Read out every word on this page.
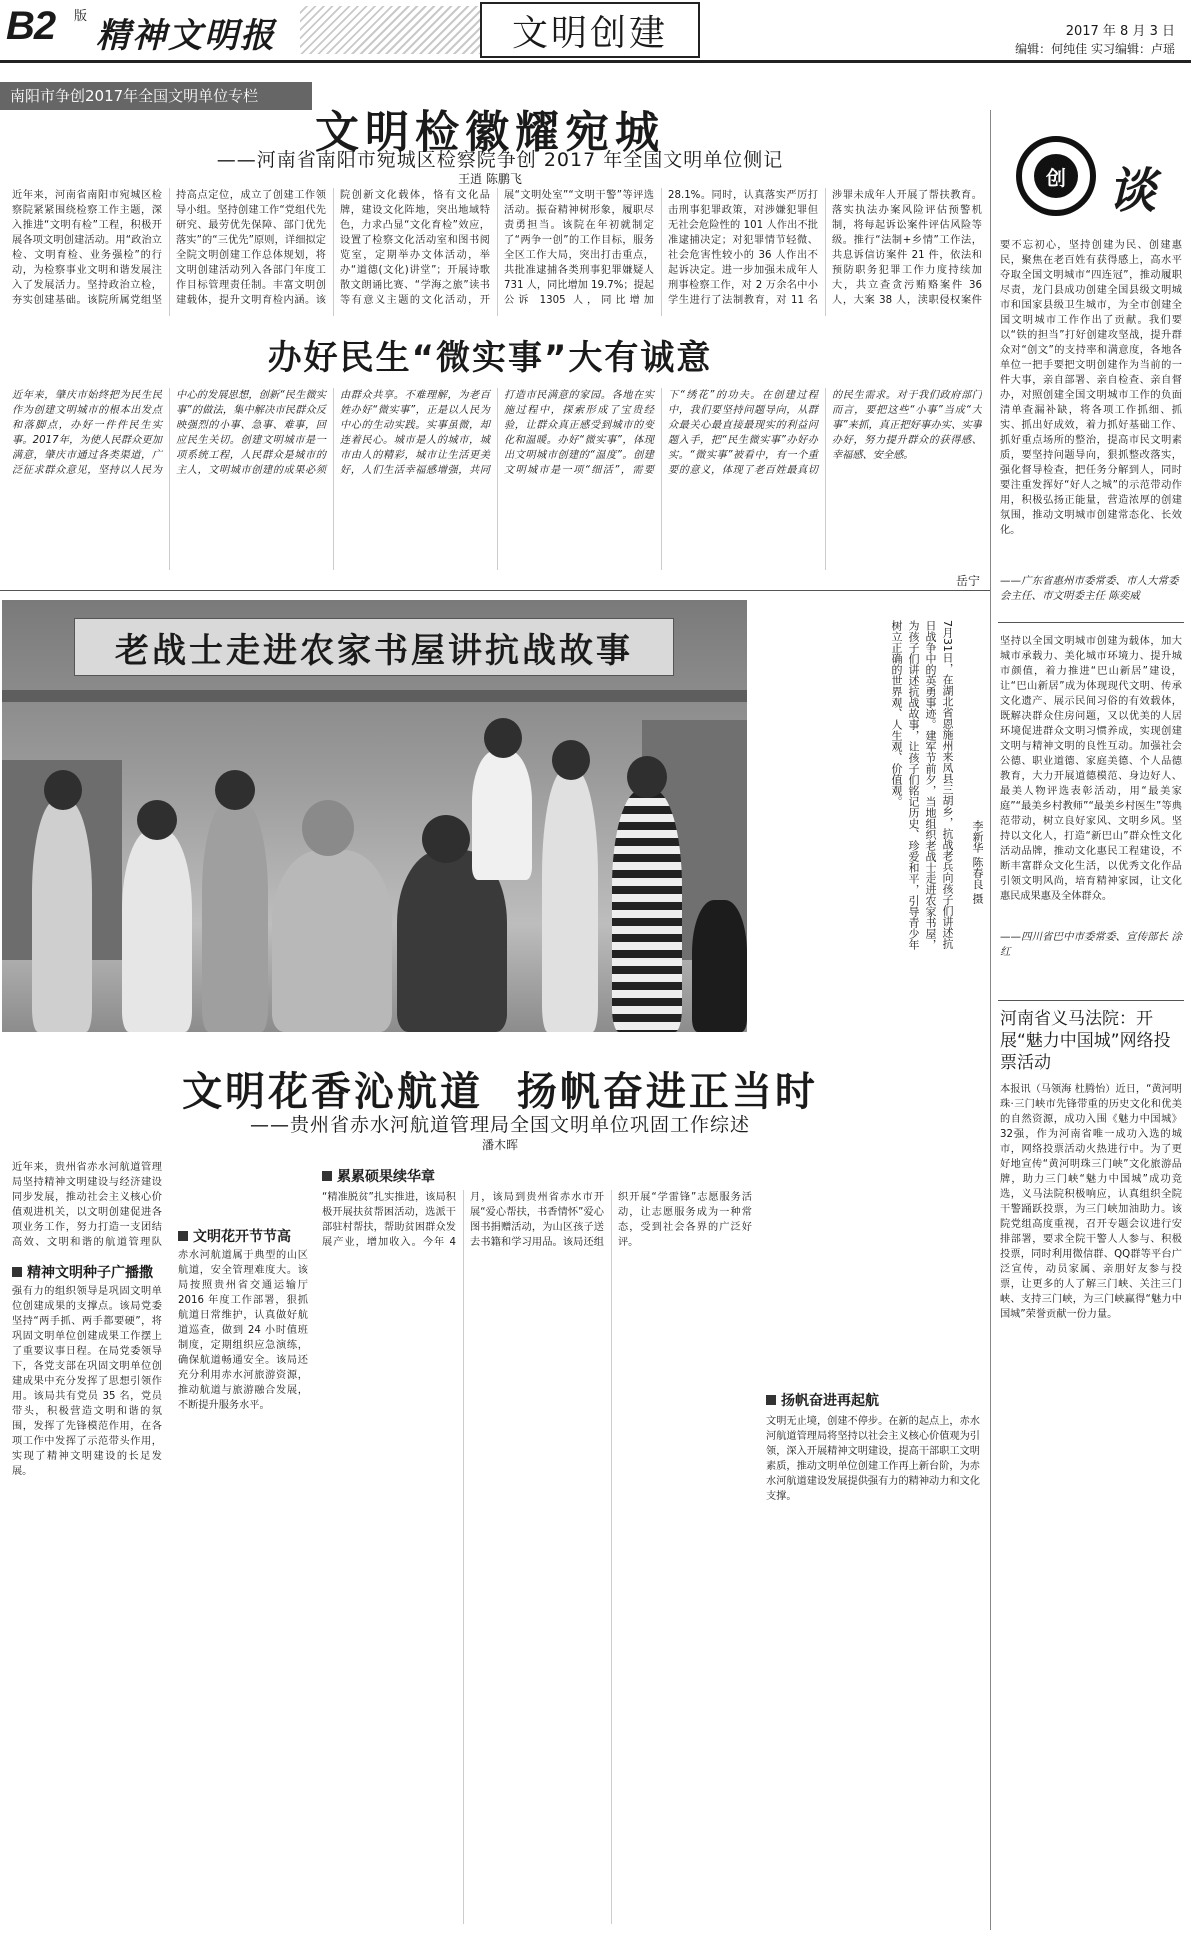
B2 版 精神文明报	文明创建	2017 年 8 月 3 日
编辑：何纯佳 实习编辑：卢瑶
南阳市争创2017年全国文明单位专栏
文明检徽耀宛城
——河南省南阳市宛城区检察院争创 2017 年全国文明单位侧记
王逍 陈鹏飞
近年来，河南省南阳市宛城区检察院紧紧围绕检察工作主题，深入推进“文明有检”工程，积极开展各项文明创建活动。用“政治立检、文明育检、业务强检”的行动，为检察事业文明和谐发展注入了发展活力。坚持政治立检，夯实创建基础。该院所属党组坚持高点定位，成立了创建工作领导小组。坚持创建工作“党组代先研究、最劳优先保障、部门优先落实”的“三优先”原则，详细拟定全院文明创建工作总体规划，将文明创建活动列入各部门年度工作目标管理责任制。丰富文明创建载体，提升文明育检内涵。该院创新文化载体，恪有文化品牌，建设文化阵地，突出地域特色，力求凸显“文化育检”效应，设置了检察文化活动室和图书阅览室，定期举办文体活动，举办“道德(文化)讲堂”；开展诗歌散文朗诵比赛、“学海之旅”读书等有意义主题的文化活动，开展“文明处室”“文明干警”等评选活动。振奋精神树形象，履职尽责勇担当。该院在年初就制定了“两争一创”的工作目标，服务全区工作大局，突出打击重点，共批准逮捕各类刑事犯罪嫌疑人 731 人，同比增加 19.7%；提起公诉 1305 人，同比增加 28.1%。同时，认真落实严厉打击刑事犯罪政策，对涉嫌犯罪但无社会危险性的 101 人作出不批准逮捕决定；对犯罪情节轻微、社会危害性较小的 36 人作出不起诉决定。进一步加强未成年人刑事检察工作，对 2 万余名中小学生进行了法制教育，对 11 名涉罪未成年人开展了帮扶教育。落实执法办案风险评估预警机制，将每起诉讼案件评估风险等级。推行“法制+乡情”工作法，共息诉信访案件 21 件，依法和预防职务犯罪工作力度持续加大，共立查贪污贿赂案件 36 人，大案 38 人，渎职侵权案件
办好民生“微实事”大有诚意
近年来，肇庆市始终把为民生民作为创建文明城市的根本出发点和落脚点，办好一件件民生实事。2017年，为使人民群众更加满意，肇庆市通过各类渠道，广泛征求群众意见，坚持以人民为中心的发展思想，创新“民生微实事”的做法，集中解决市民群众反映强烈的小事、急事、难事，回应民生关切。创建文明城市是一项系统工程，人民群众是城市的主人，文明城市创建的成果必须由群众共享。不难理解，为老百姓办好“微实事”，正是以人民为中心的生动实践。实事虽微，却连着民心。城市是人的城市，城市由人的精彩，城市让生活更美好，人们生活幸福感增强，共同打造市民满意的家园。各地在实施过程中，探索形成了宝贵经验，让群众真正感受到城市的变化和温暖。办好“微实事”，体现出文明城市创建的“温度”。创建文明城市是一项“细活”，需要下“绣花”的功夫。在创建过程中，我们要坚持问题导向，从群众最关心最直接最现实的利益问题入手，把“民生微实事”办好办实。“微实事”被看中，有一个重要的意义，体现了老百姓最真切的民生需求。对于我们政府部门而言，要把这些“小事”当成“大事”来抓，真正把好事办实、实事办好，努力提升群众的获得感、幸福感、安全感。
岳宁
老战士走进农家书屋讲抗战故事	7月31日，在湖北省恩施州来凤县三胡乡，抗战老兵向孩子们讲述抗日战争中的英勇事迹。建军节前夕，当地组织老战士走进农家书屋，为孩子们讲述抗战故事，让孩子们铭记历史、珍爱和平，引导青少年树立正确的世界观、人生观、价值观。
李新华 陈春良 摄
文明花香沁航道  扬帆奋进正当时
——贵州省赤水河航道管理局全国文明单位巩固工作综述
潘木晖
近年来，贵州省赤水河航道管理局坚持精神文明建设与经济建设同步发展，推动社会主义核心价值观进机关，以文明创建促进各项业务工作，努力打造一支团结高效、文明和谐的航道管理队
精神文明种子广播撒
强有力的组织领导是巩固文明单位创建成果的支撑点。该局党委坚持“两手抓、两手都要硬”，将巩固文明单位创建成果工作摆上了重要议事日程。在局党委领导下，各党支部在巩固文明单位创建成果中充分发挥了思想引领作用。该局共有党员 35 名，党员带头，积极营造文明和谐的氛围，发挥了先锋模范作用，在各项工作中发挥了示范带头作用，实现了精神文明建设的长足发展。
文明花开节节高
赤水河航道属于典型的山区航道，安全管理难度大。该局按照贵州省交通运输厅 2016 年度工作部署，狠抓航道日常维护，认真做好航道巡查，做到 24 小时值班制度，定期组织应急演练，确保航道畅通安全。该局还充分利用赤水河旅游资源，推动航道与旅游融合发展，不断提升服务水平。
累累硕果续华章
“精准脱贫”扎实推进，该局积极开展扶贫帮困活动，选派干部驻村帮扶，帮助贫困群众发展产业，增加收入。今年 4 月，该局到贵州省赤水市开展“爱心帮扶，书香情怀”爱心图书捐赠活动，为山区孩子送去书籍和学习用品。该局还组织开展“学雷锋”志愿服务活动，让志愿服务成为一种常态，受到社会各界的广泛好评。
扬帆奋进再起航
文明无止境，创建不停步。在新的起点上，赤水河航道管理局将坚持以社会主义核心价值观为引领，深入开展精神文明建设，提高干部职工文明素质，推动文明单位创建工作再上新台阶，为赤水河航道建设发展提供强有力的精神动力和文化支撑。
创 谈
要不忘初心，坚持创建为民、创建惠民，聚焦在老百姓有获得感上，高水平夺取全国文明城市“四连冠”，推动履职尽责，龙门县成功创建全国县级文明城市和国家县级卫生城市，为全市创建全国文明城市工作作出了贡献。我们要以“铁的担当”打好创建攻坚战，提升群众对“创文”的支持率和满意度，各地各单位一把手要把文明创建作为当前的一件大事，亲自部署、亲自检查、亲自督办，对照创建全国文明城市工作的负面清单查漏补缺，将各项工作抓细、抓实、抓出好成效，着力抓好基础工作、抓好重点场所的整治，提高市民文明素质，要坚持问题导向，狠抓整改落实，强化督导检查，把任务分解到人，同时要注重发挥好“好人之城”的示范带动作用，积极弘扬正能量，营造浓厚的创建氛围，推动文明城市创建常态化、长效化。
——广东省惠州市委常委、市人大常委会主任、市文明委主任 陈奕威
坚持以全国文明城市创建为载体，加大城市承载力、美化城市环境力、提升城市颜值，着力推进“巴山新居”建设，让“巴山新居”成为体现现代文明、传承文化遗产、展示民间习俗的有效载体，既解决群众住房问题，又以优美的人居环境促进群众文明习惯养成，实现创建文明与精神文明的良性互动。加强社会公德、职业道德、家庭美德、个人品德教育，大力开展道德模范、身边好人、最美人物评选表彰活动，用“最美家庭”“最美乡村教师”“最美乡村医生”等典范带动，树立良好家风、文明乡风。坚持以文化人，打造“新巴山”群众性文化活动品牌，推动文化惠民工程建设，不断丰富群众文化生活，以优秀文化作品引领文明风尚，培育精神家园，让文化惠民成果惠及全体群众。
——四川省巴中市委常委、宣传部长 涂红
河南省义马法院：开展“魅力中国城”网络投票活动
本报讯（马领海 杜腾怡）近日，“黄河明珠·三门峡市先锋带重的历史文化和优美的自然资源，成功入围《魅力中国城》32强，作为河南省唯一成功入选的城市，网络投票活动火热进行中。为了更好地宣传“黄河明珠三门峡”文化旅游品牌，助力三门峡“魅力中国城”成功竞选，义马法院积极响应，认真组织全院干警踊跃投票，为三门峡加油助力。该院党组高度重视，召开专题会议进行安排部署，要求全院干警人人参与、积极投票，同时利用微信群、QQ群等平台广泛宣传，动员家属、亲朋好友参与投票，让更多的人了解三门峡、关注三门峡、支持三门峡，为三门峡赢得“魅力中国城”荣誉贡献一份力量。
